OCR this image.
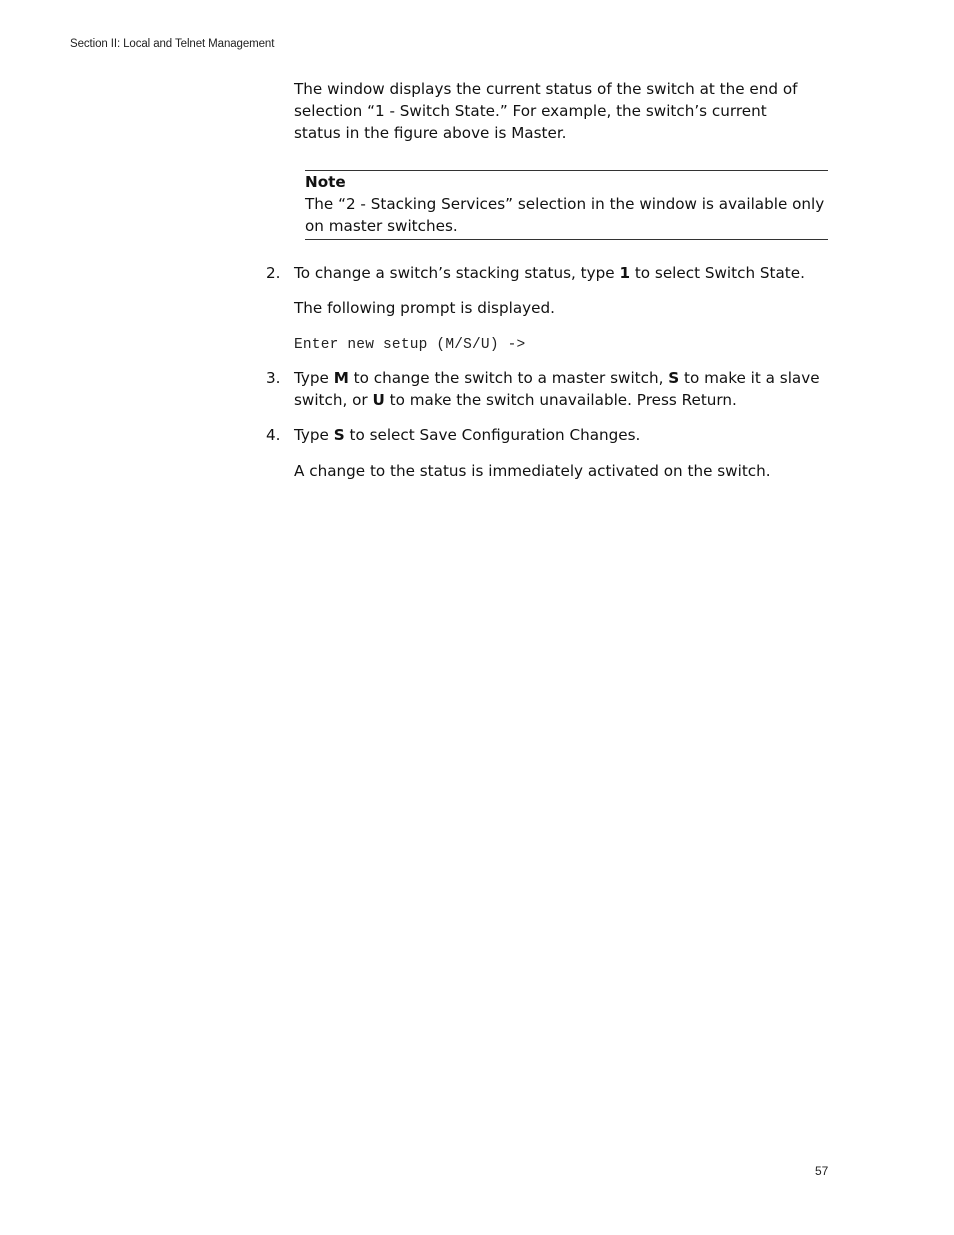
Section II: Local and Telnet Management
The window displays the current status of the switch at the end of selection “1 - Switch State.” For example, the switch’s current status in the figure above is Master.
Note
The “2 - Stacking Services” selection in the window is available only on master switches.
2. To change a switch’s stacking status, type 1 to select Switch State.
The following prompt is displayed.
Enter new setup (M/S/U) ->
3. Type M to change the switch to a master switch, S to make it a slave switch, or U to make the switch unavailable. Press Return.
4. Type S to select Save Configuration Changes.
A change to the status is immediately activated on the switch.
57
